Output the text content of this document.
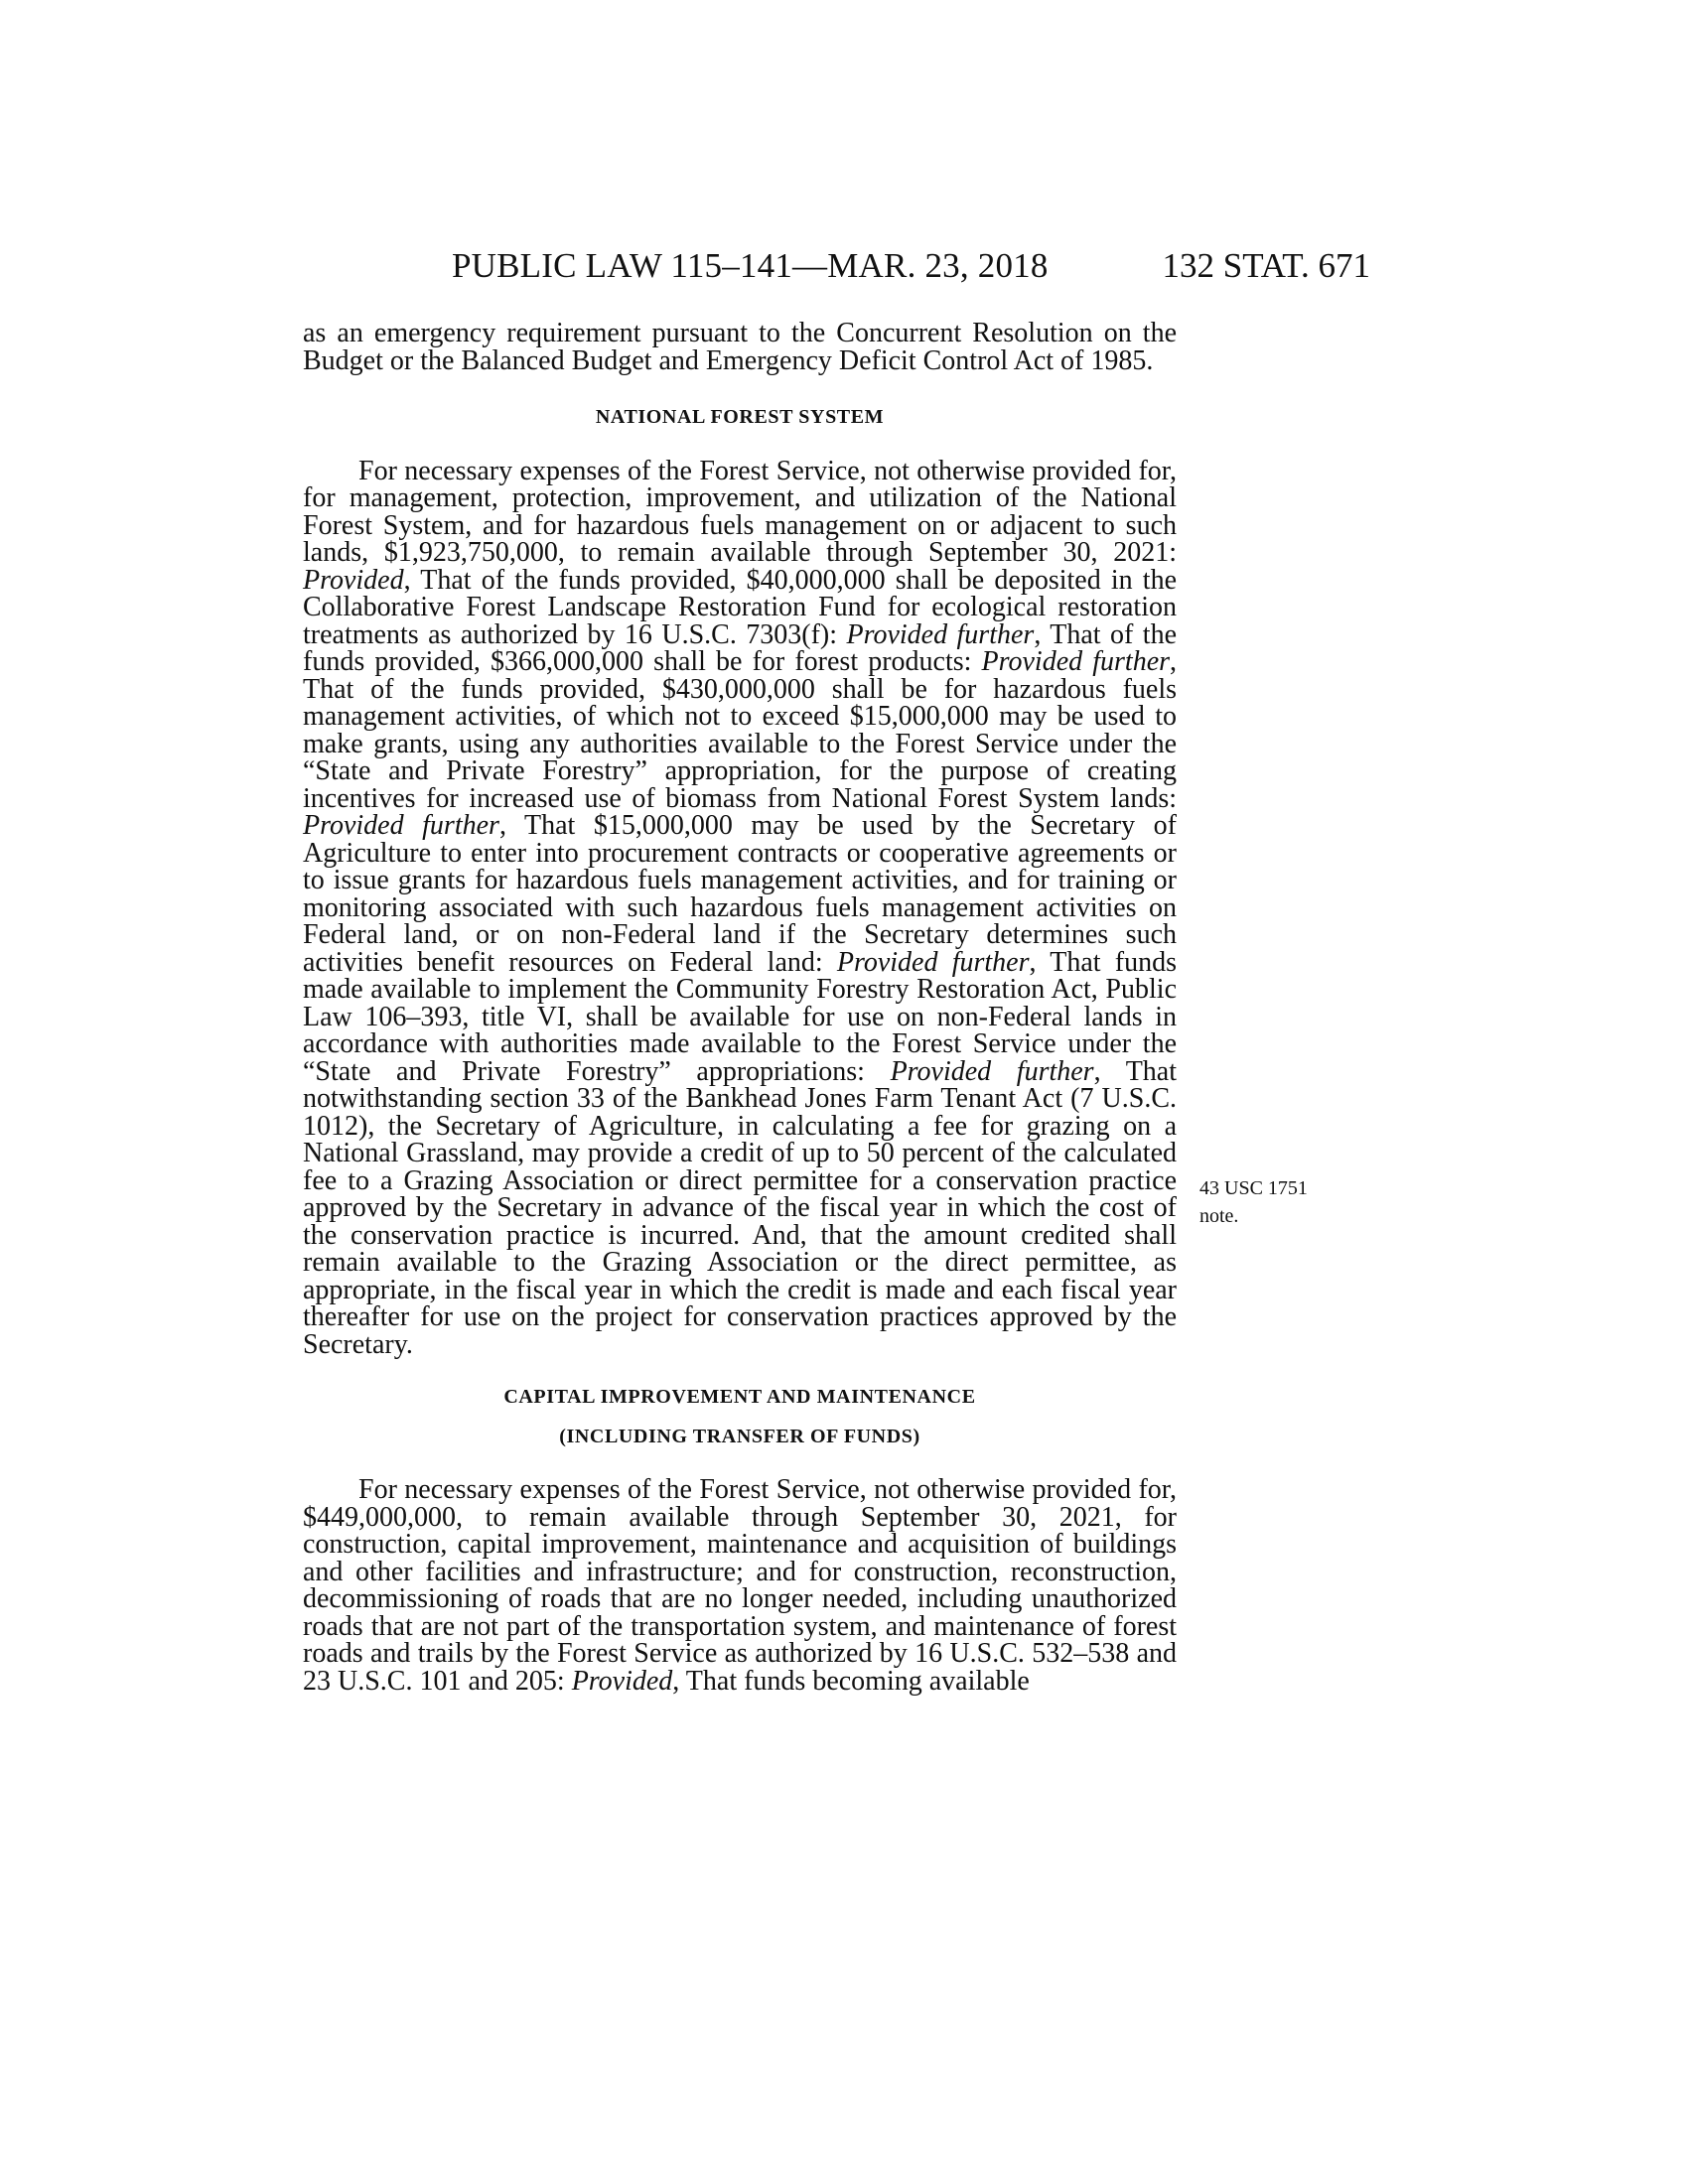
PUBLIC LAW 115–141—MAR. 23, 2018	132 STAT. 671

as an emergency requirement pursuant to the Concurrent Resolution on the Budget or the Balanced Budget and Emergency Deficit Control Act of 1985.

NATIONAL FOREST SYSTEM

For necessary expenses of the Forest Service, not otherwise provided for, for management, protection, improvement, and utilization of the National Forest System, and for hazardous fuels management on or adjacent to such lands, $1,923,750,000, to remain available through September 30, 2021: Provided, That of the funds provided, $40,000,000 shall be deposited in the Collaborative Forest Landscape Restoration Fund for ecological restoration treatments as authorized by 16 U.S.C. 7303(f): Provided further, That of the funds provided, $366,000,000 shall be for forest products: Provided further, That of the funds provided, $430,000,000 shall be for hazardous fuels management activities, of which not to exceed $15,000,000 may be used to make grants, using any authorities available to the Forest Service under the “State and Private Forestry” appropriation, for the purpose of creating incentives for increased use of biomass from National Forest System lands: Provided further, That $15,000,000 may be used by the Secretary of Agriculture to enter into procurement contracts or cooperative agreements or to issue grants for hazardous fuels management activities, and for training or monitoring associated with such hazardous fuels management activities on Federal land, or on non-Federal land if the Secretary determines such activities benefit resources on Federal land: Provided further, That funds made available to implement the Community Forestry Restoration Act, Public Law 106–393, title VI, shall be available for use on non-Federal lands in accordance with authorities made available to the Forest Service under the “State and Private Forestry” appropriations: Provided further, That notwithstanding section 33 of the Bankhead Jones Farm Tenant Act (7 U.S.C. 1012), the Secretary of Agriculture, in calculating a fee for grazing on a National Grassland, may provide a credit of up to 50 percent of the calculated fee to a Grazing Association or direct permittee for a conservation practice approved by the Secretary in advance of the fiscal year in which the cost of the conservation practice is incurred. And, that the amount credited shall remain available to the Grazing Association or the direct permittee, as appropriate, in the fiscal year in which the credit is made and each fiscal year thereafter for use on the project for conservation practices approved by the Secretary.

CAPITAL IMPROVEMENT AND MAINTENANCE
(INCLUDING TRANSFER OF FUNDS)

For necessary expenses of the Forest Service, not otherwise provided for, $449,000,000, to remain available through September 30, 2021, for construction, capital improvement, maintenance and acquisition of buildings and other facilities and infrastructure; and for construction, reconstruction, decommissioning of roads that are no longer needed, including unauthorized roads that are not part of the transportation system, and maintenance of forest roads and trails by the Forest Service as authorized by 16 U.S.C. 532–538 and 23 U.S.C. 101 and 205: Provided, That funds becoming available

43 USC 1751
note.
